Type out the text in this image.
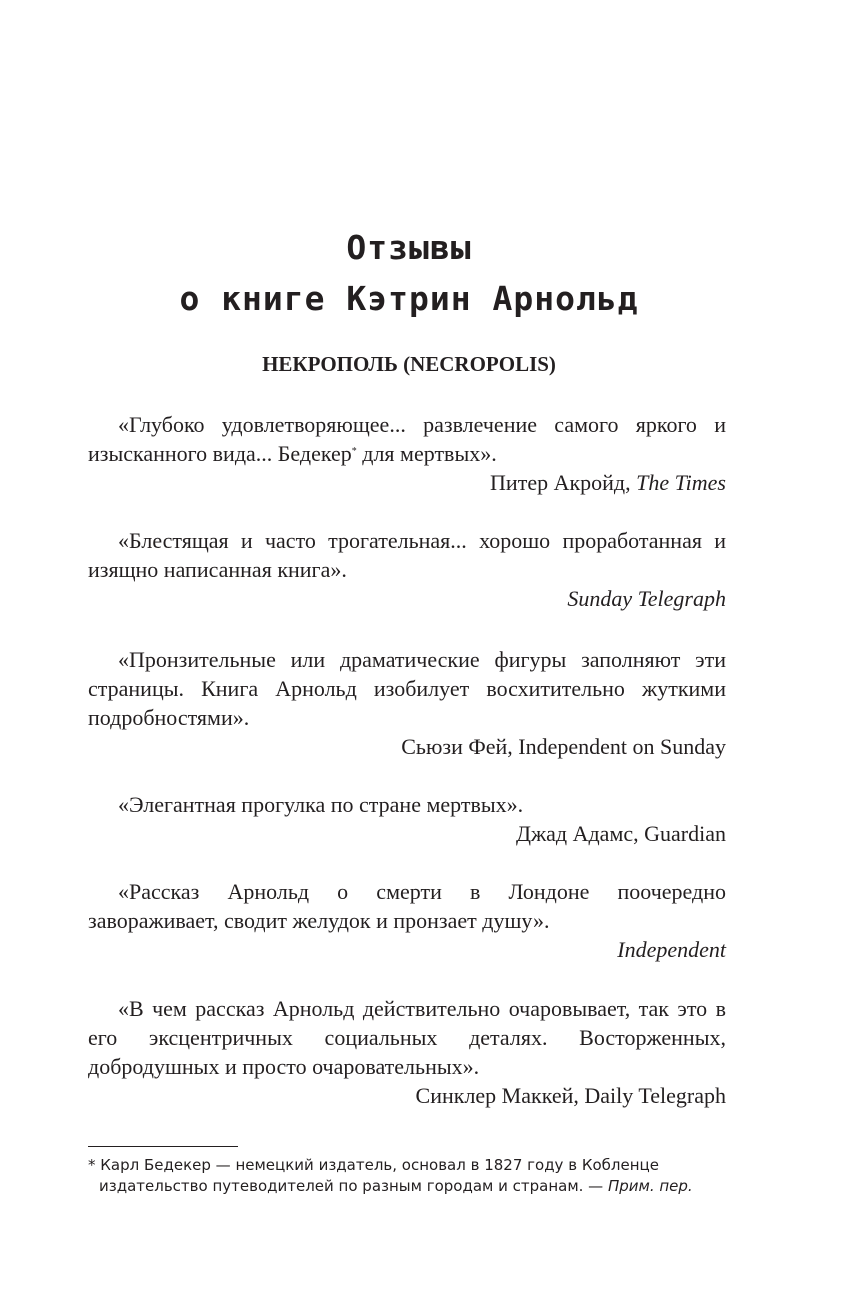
Отзывы
о книге Кэтрин Арнольд
НЕКРОПОЛЬ (NECROPOLIS)

«Глубоко удовлетворяющее... развлечение самого яркого и изысканного вида... Бедекер* для мертвых».

Питер Акройд, The Times

«Блестящая и часто трогательная... хорошо проработанная и изящно написанная книга».

Sunday Telegraph

«Пронзительные или драматические фигуры заполняют эти страницы. Книга Арнольд изобилует восхитительно жуткими подробностями».

Сьюзи Фей, Independent on Sunday

«Элегантная прогулка по стране мертвых».

Джад Адамс, Guardian

«Рассказ Арнольд о смерти в Лондоне поочередно завораживает, сводит желудок и пронзает душу».

Independent

«В чем рассказ Арнольд действительно очаровывает, так это в его эксцентричных социальных деталях. Восторженных, добродушных и просто очаровательных».

Синклер Маккей, Daily Telegraph

* Карл Бедекер — немецкий издатель, основал в 1827 году в Кобленце
издательство путеводителей по разным городам и странам. — Прим. пер.
